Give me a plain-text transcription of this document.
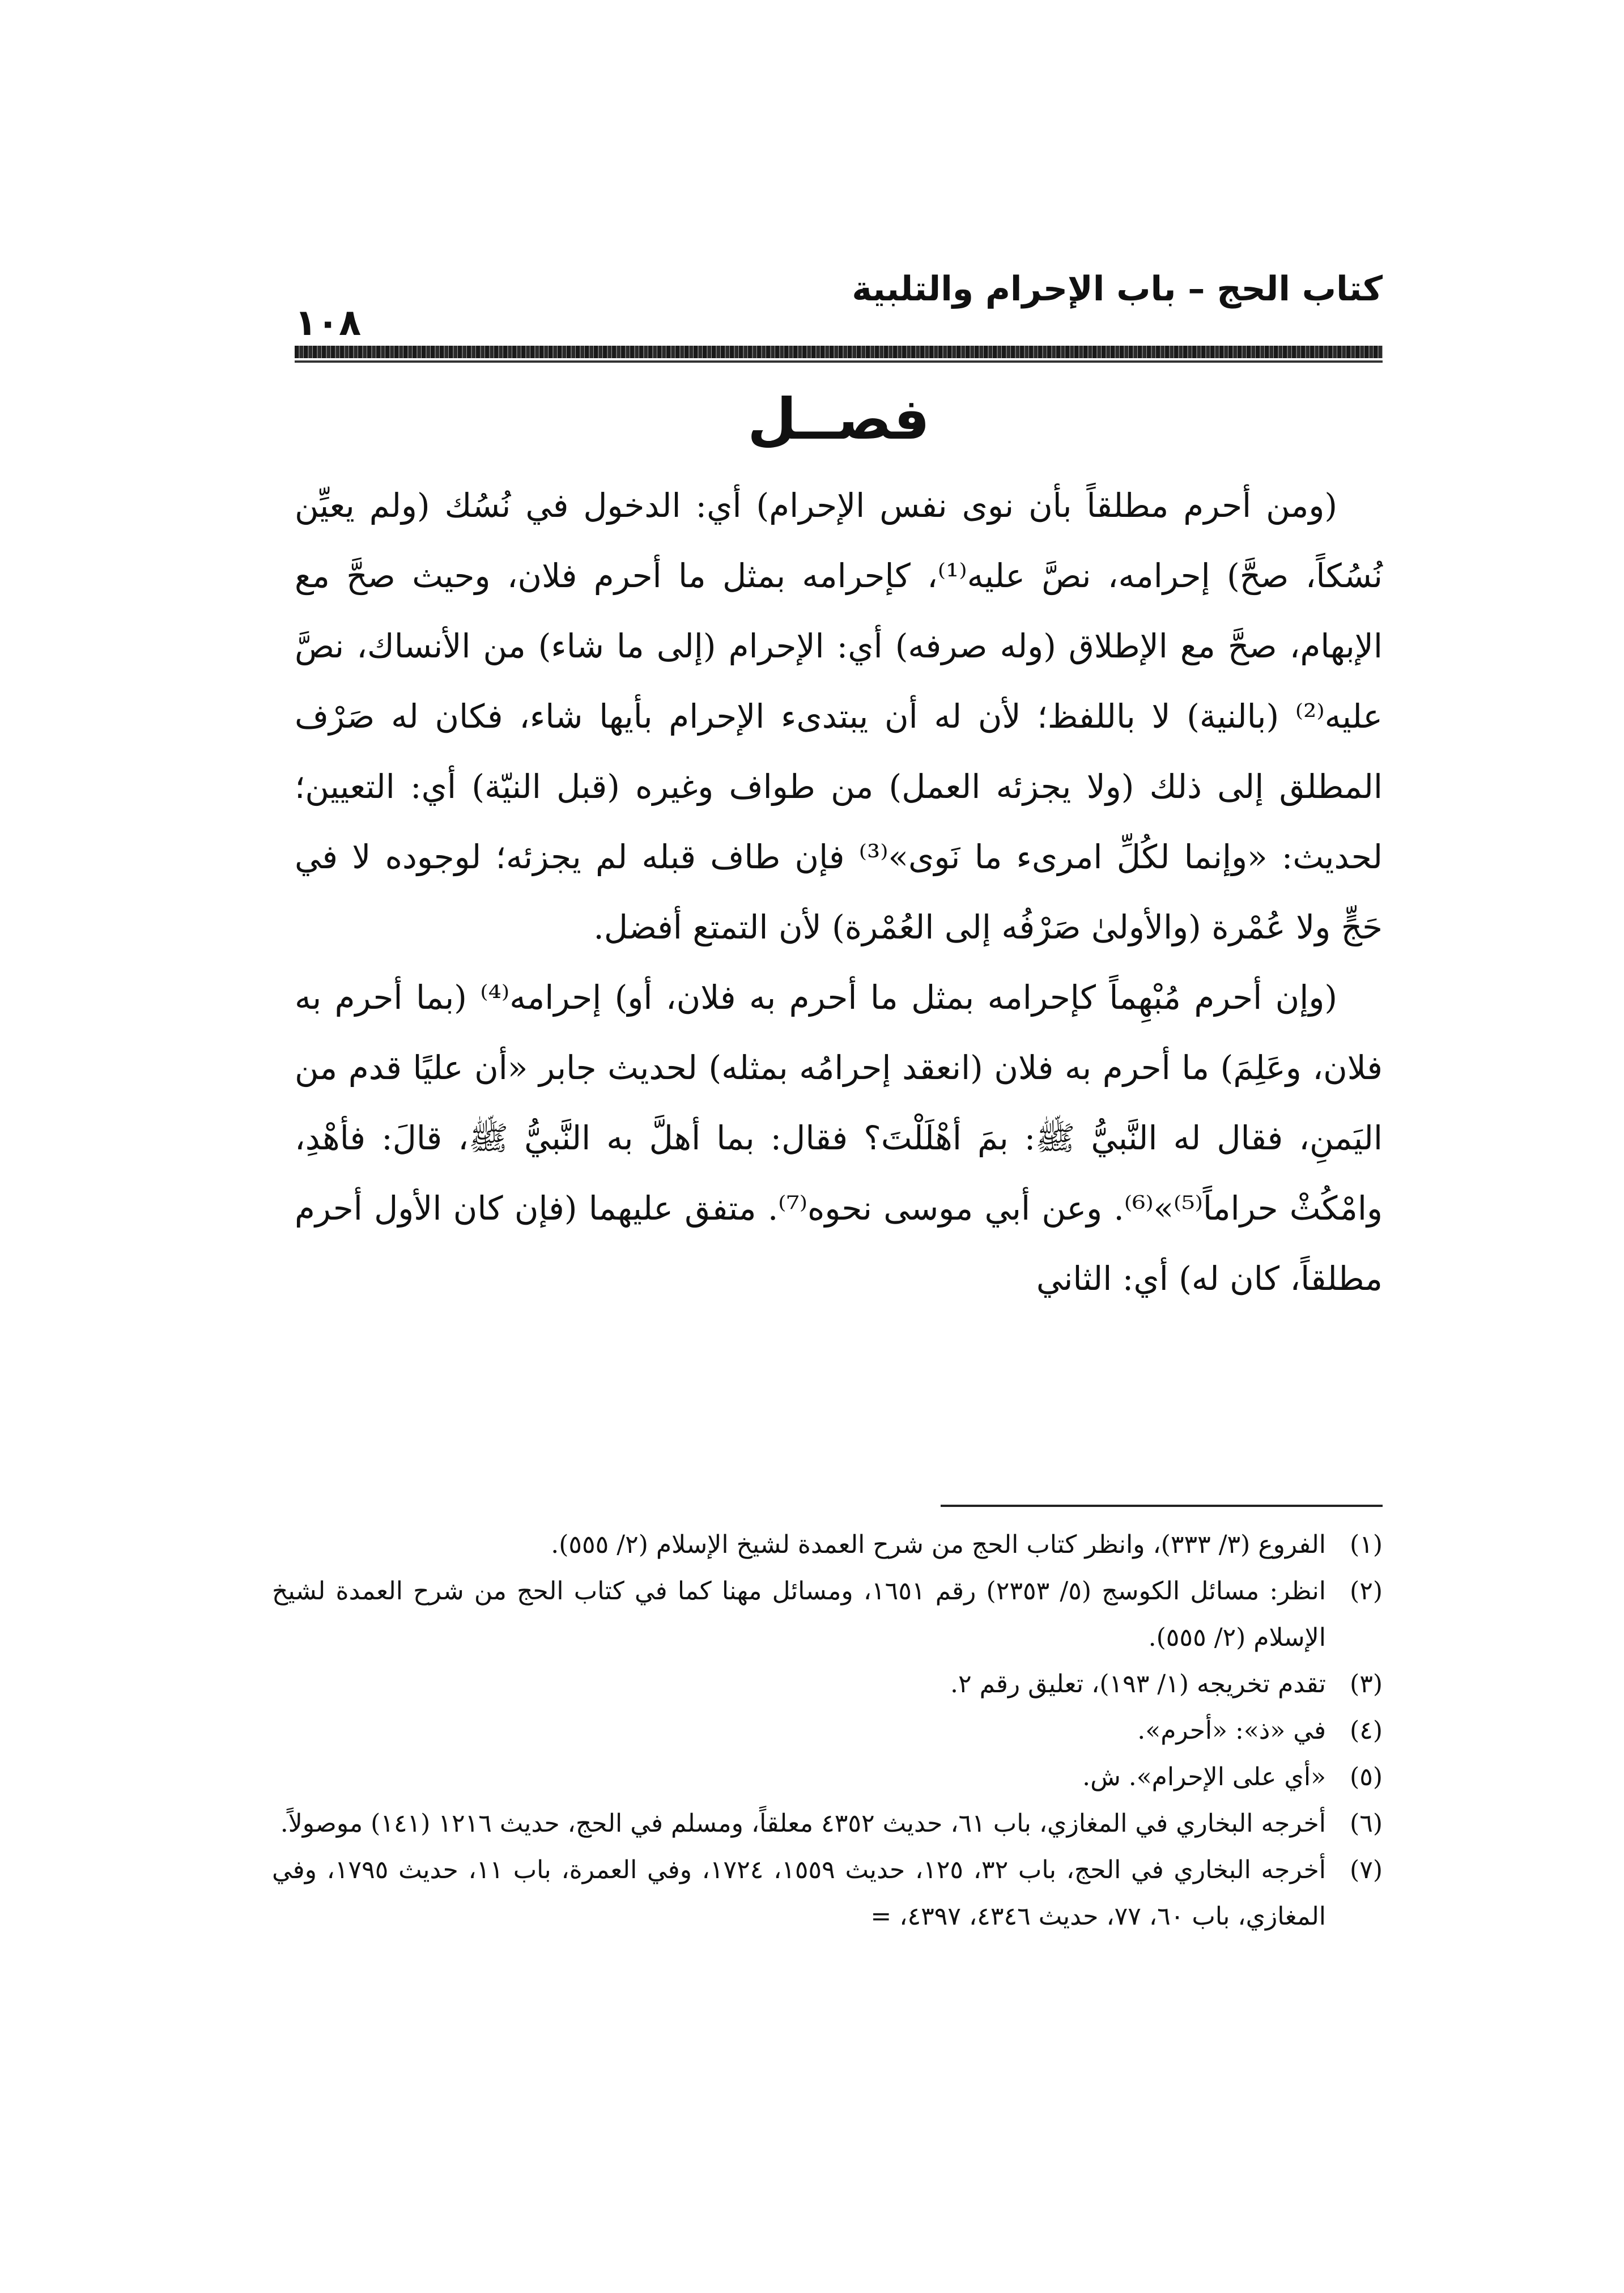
كتاب الحج – باب الإحرام والتلبية
١٠٨
فصــل

(ومن أحرم مطلقاً بأن نوى نفس الإحرام) أي: الدخول في نُسُك (ولم يعيِّن نُسُكاً، صحَّ) إحرامه، نصَّ عليه⁽¹⁾، كإحرامه بمثل ما أحرم فلان، وحيث صحَّ مع الإبهام، صحَّ مع الإطلاق (وله صرفه) أي: الإحرام (إلى ما شاء) من الأنساك، نصَّ عليه⁽²⁾ (بالنية) لا باللفظ؛ لأن له أن يبتدىء الإحرام بأيها شاء، فكان له صَرْف المطلق إلى ذلك (ولا يجزئه العمل) من طواف وغيره (قبل النيّة) أي: التعيين؛ لحديث: «وإنما لكُلِّ امرىء ما نَوى»⁽³⁾ فإن طاف قبله لم يجزئه؛ لوجوده لا في حَجٍّ ولا عُمْرة (والأولىٰ صَرْفُه إلى العُمْرة) لأن التمتع أفضل.

(وإن أحرم مُبْهِماً كإحرامه بمثل ما أحرم به فلان، أو) إحرامه⁽⁴⁾ (بما أحرم به فلان، وعَلِمَ) ما أحرم به فلان (انعقد إحرامُه بمثله) لحديث جابر «أن عليًا قدم من اليَمنِ، فقال له النَّبيُّ ﷺ: بمَ أهْلَلْتَ؟ فقال: بما أهلَّ به النَّبيُّ ﷺ، قالَ: فأهْدِ، وامْكُثْ حراماً⁽⁵⁾»⁽⁶⁾. وعن أبي موسى نحوه⁽⁷⁾. متفق عليهما (فإن كان الأول أحرم مطلقاً، كان له) أي: الثاني

(١)
الفروع (٣/ ٣٣٣)، وانظر كتاب الحج من شرح العمدة لشيخ الإسلام (٢/ ٥٥٥).
(٢)
انظر: مسائل الكوسج (٥/ ٢٣٥٣) رقم ١٦٥١، ومسائل مهنا كما في كتاب الحج من شرح العمدة لشيخ الإسلام (٢/ ٥٥٥).
(٣)
تقدم تخريجه (١/ ١٩٣)، تعليق رقم ٢.
(٤)
في «ذ»: «أحرم».
(٥)
«أي على الإحرام». ش.
(٦)
أخرجه البخاري في المغازي، باب ٦١، حديث ٤٣٥٢ معلقاً، ومسلم في الحج، حديث ١٢١٦ (١٤١) موصولاً.
(٧)
أخرجه البخاري في الحج، باب ٣٢، ١٢٥، حديث ١٥٥٩، ١٧٢٤، وفي العمرة، باب ١١، حديث ١٧٩٥، وفي المغازي، باب ٦٠، ٧٧، حديث ٤٣٤٦، ٤٣٩٧، =
